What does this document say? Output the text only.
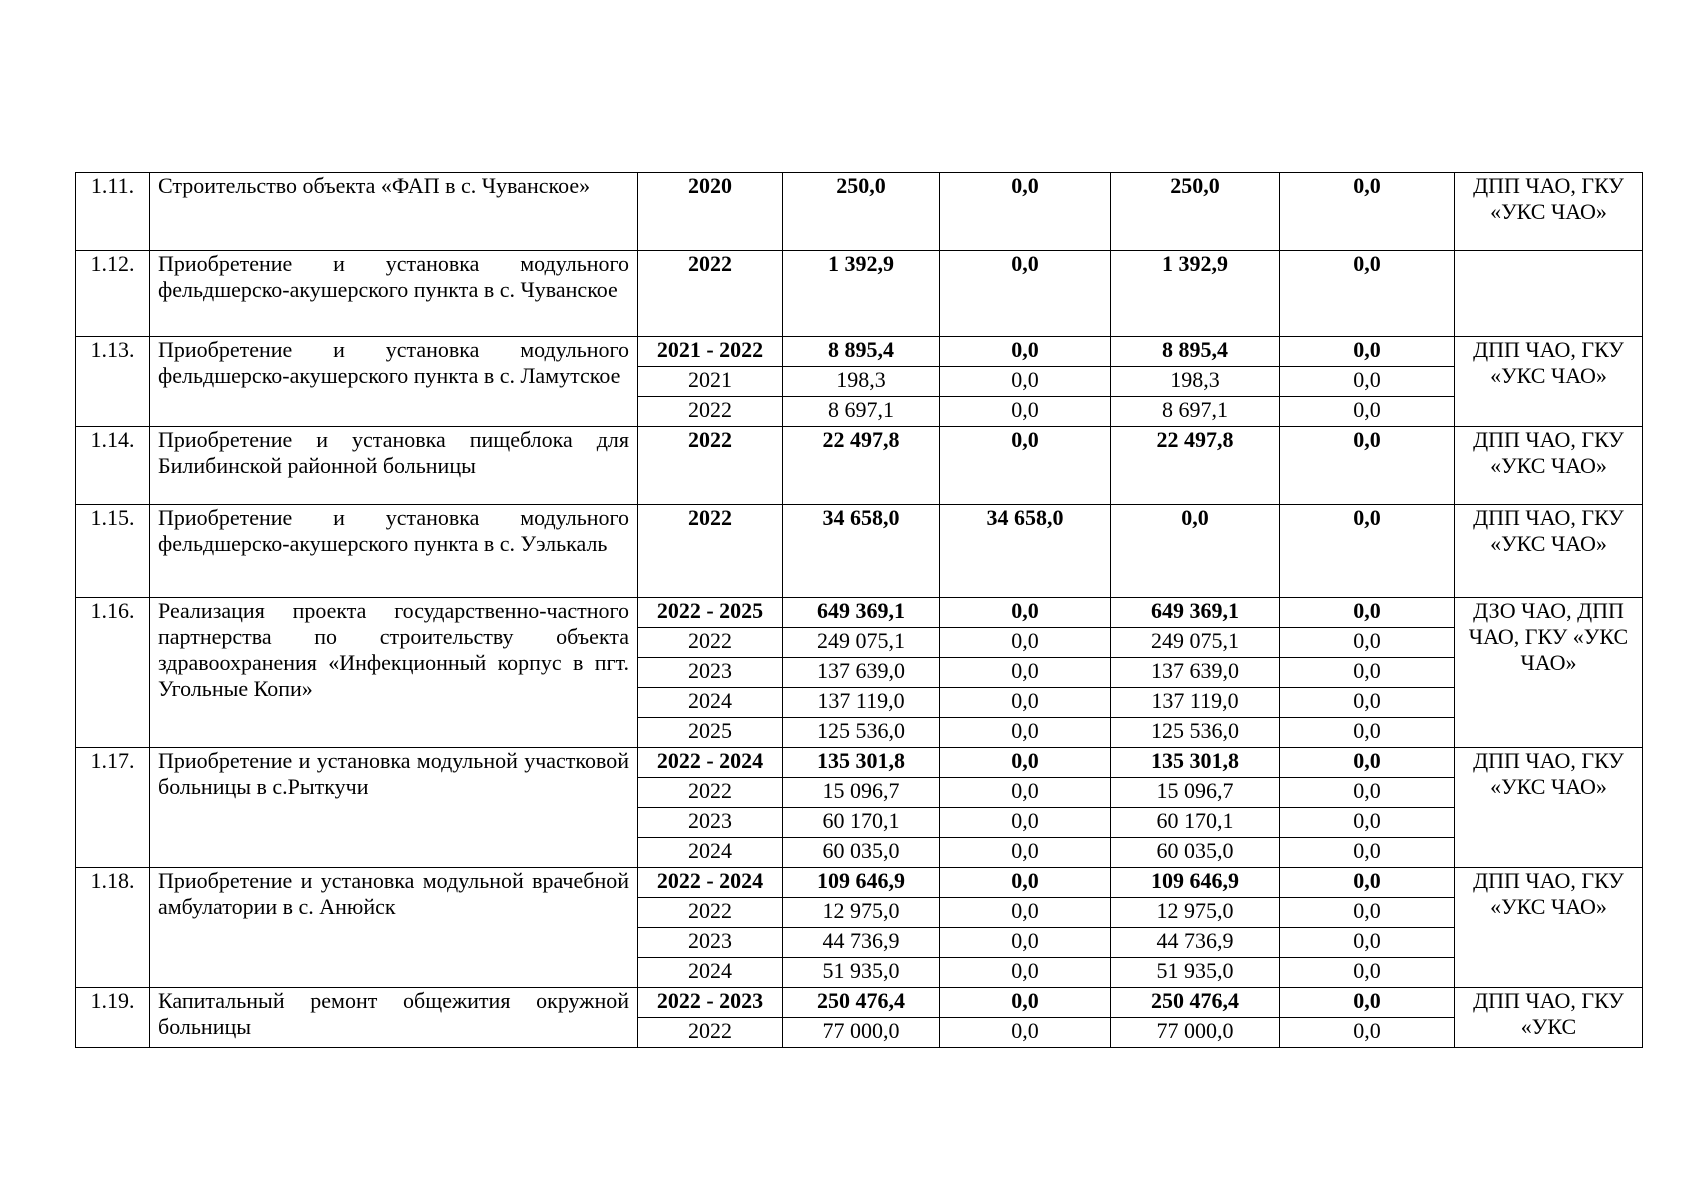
1.11.	Строительство объекта «ФАП в с. Чуванское»	2020	250,0	0,0	250,0	0,0	ДПП ЧАО, ГКУ «УКС ЧАО»
1.12.	Приобретение и установка модульного фельдшерско-акушерского пункта в с. Чуванское	2022	1 392,9	0,0	1 392,9	0,0	
1.13.	Приобретение и установка модульного фельдшерско-акушерского пункта в с. Ламутское	2021 - 2022	8 895,4	0,0	8 895,4	0,0	ДПП ЧАО, ГКУ «УКС ЧАО»
		2021	198,3	0,0	198,3	0,0	
		2022	8 697,1	0,0	8 697,1	0,0	
1.14.	Приобретение и установка пищеблока для Билибинской районной больницы	2022	22 497,8	0,0	22 497,8	0,0	ДПП ЧАО, ГКУ «УКС ЧАО»
1.15.	Приобретение и установка модульного фельдшерско-акушерского пункта в с. Уэлькаль	2022	34 658,0	34 658,0	0,0	0,0	ДПП ЧАО, ГКУ «УКС ЧАО»
1.16.	Реализация проекта государственно-частного партнерства по строительству объекта здравоохранения «Инфекционный корпус в пгт. Угольные Копи»	2022 - 2025	649 369,1	0,0	649 369,1	0,0	ДЗО ЧАО, ДПП ЧАО, ГКУ «УКС ЧАО»
		2022	249 075,1	0,0	249 075,1	0,0	
		2023	137 639,0	0,0	137 639,0	0,0	
		2024	137 119,0	0,0	137 119,0	0,0	
		2025	125 536,0	0,0	125 536,0	0,0	
1.17.	Приобретение и установка модульной участковой больницы в с.Рыткучи	2022 - 2024	135 301,8	0,0	135 301,8	0,0	ДПП ЧАО, ГКУ «УКС ЧАО»
		2022	15 096,7	0,0	15 096,7	0,0	
		2023	60 170,1	0,0	60 170,1	0,0	
		2024	60 035,0	0,0	60 035,0	0,0	
1.18.	Приобретение и установка модульной врачебной амбулатории в с. Анюйск	2022 - 2024	109 646,9	0,0	109 646,9	0,0	ДПП ЧАО, ГКУ «УКС ЧАО»
		2022	12 975,0	0,0	12 975,0	0,0	
		2023	44 736,9	0,0	44 736,9	0,0	
		2024	51 935,0	0,0	51 935,0	0,0	
1.19.	Капитальный ремонт общежития окружной больницы	2022 - 2023	250 476,4	0,0	250 476,4	0,0	ДПП ЧАО, ГКУ «УКС
		2022	77 000,0	0,0	77 000,0	0,0	
